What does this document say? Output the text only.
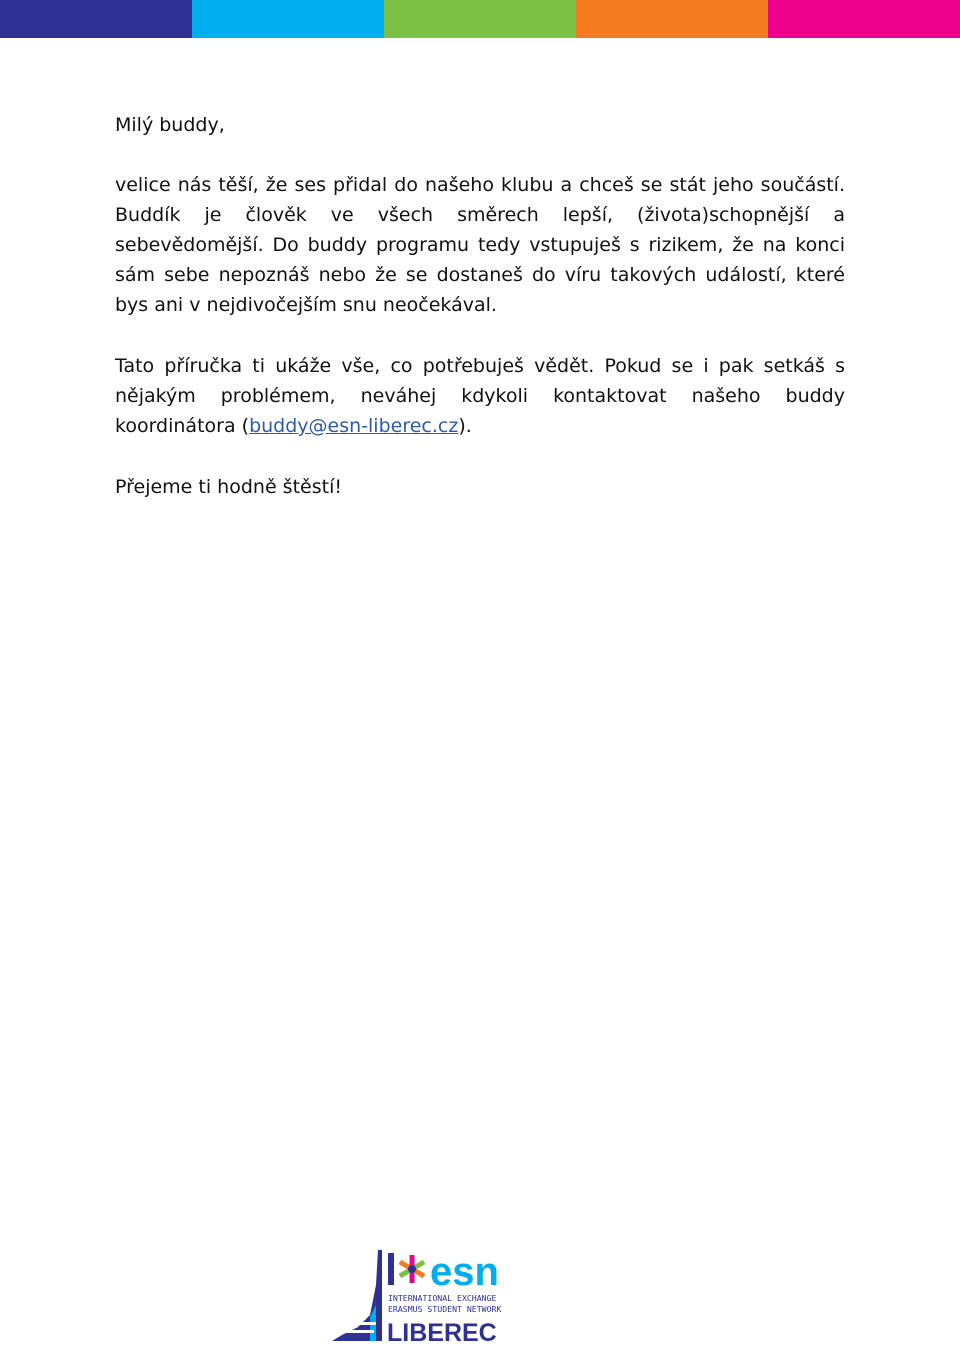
Milý buddy,

velice nás těší, že ses přidal do našeho klubu a chceš se stát jeho součástí. Buddík je člověk ve všech směrech lepší, (života)schopnější a sebevědomější. Do buddy programu tedy vstupuješ s rizikem, že na konci sám sebe nepoznáš nebo že se dostaneš do víru takových událostí, které bys ani v nejdivočejším snu neočekával.

Tato příručka ti ukáže vše, co potřebuješ vědět. Pokud se i pak setkáš s nějakým problémem, neváhej kdykoli kontaktovat našeho buddy koordinátora (buddy@esn-liberec.cz).

Přejeme ti hodně štěstí!

esn
INTERNATIONAL EXCHANGE
ERASMUS STUDENT NETWORK
LIBEREC
